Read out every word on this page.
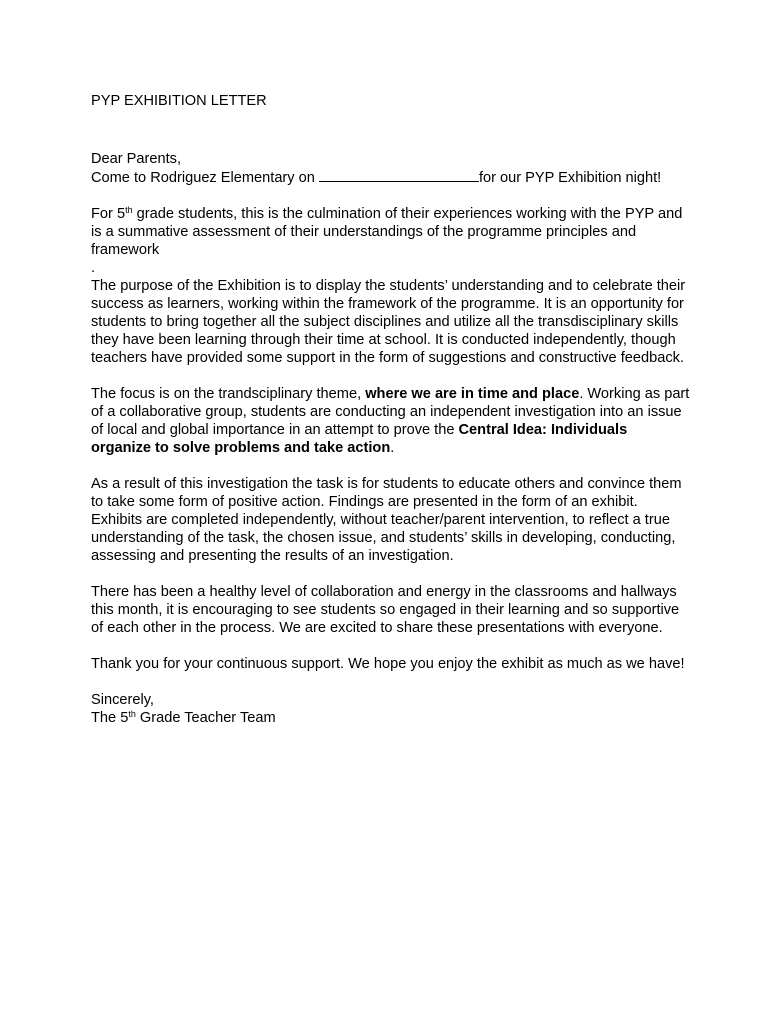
PYP EXHIBITION LETTER

Dear Parents,

Come to Rodriguez Elementary on	for our PYP Exhibition night!

For 5th grade students, this is the culmination of their experiences working with the PYP and is a summative assessment of their understandings of the programme principles and framework

.

The purpose of the Exhibition is to display the students’ understanding and to celebrate their success as learners, working within the framework of the programme. It is an opportunity for students to bring together all the subject disciplines and utilize all the transdisciplinary skills they have been learning through their time at school. It is conducted independently, though teachers have provided some support in the form of suggestions and constructive feedback.

The focus is on the trandsciplinary theme, where we are in time and place. Working as part of a collaborative group, students are conducting an independent investigation into an issue of local and global importance in an attempt to prove the Central Idea: Individuals organize to solve problems and take action.

As a result of this investigation the task is for students to educate others and convince them to take some form of positive action. Findings are presented in the form of an exhibit. Exhibits are completed independently, without teacher/parent intervention, to reflect a true understanding of the task, the chosen issue, and students’ skills in developing, conducting, assessing and presenting the results of an investigation.

There has been a healthy level of collaboration and energy in the classrooms and hallways this month, it is encouraging to see students so engaged in their learning and so supportive of each other in the process. We are excited to share these presentations with everyone.

Thank you for your continuous support. We hope you enjoy the exhibit as much as we have!

Sincerely,

The 5th Grade Teacher Team
